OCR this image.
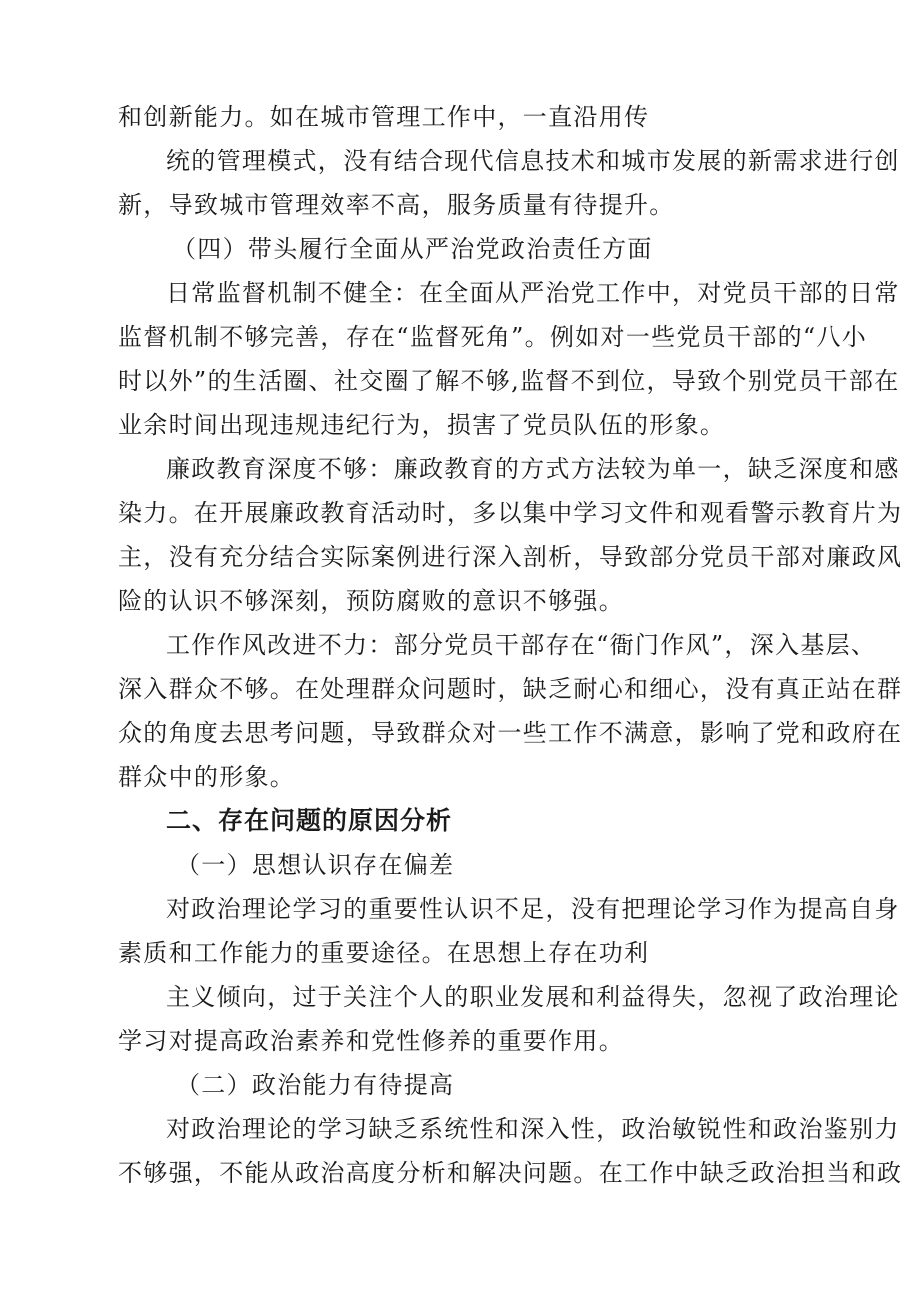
和创新能力。如在城市管理工作中，一直沿用传
统的管理模式，没有结合现代信息技术和城市发展的新需求进行创
新，导致城市管理效率不高，服务质量有待提升。
（四）带头履行全面从严治党政治责任方面
日常监督机制不健全：在全面从严治党工作中，对党员干部的日常
监督机制不够完善，存在“监督死角”。例如对一些党员干部的“八小
时以外”的生活圈、社交圈了解不够,监督不到位，导致个别党员干部在
业余时间出现违规违纪行为，损害了党员队伍的形象。
廉政教育深度不够：廉政教育的方式方法较为单一，缺乏深度和感
染力。在开展廉政教育活动时，多以集中学习文件和观看警示教育片为
主，没有充分结合实际案例进行深入剖析，导致部分党员干部对廉政风
险的认识不够深刻，预防腐败的意识不够强。
工作作风改进不力：部分党员干部存在“衙门作风”，深入基层、
深入群众不够。在处理群众问题时，缺乏耐心和细心，没有真正站在群
众的角度去思考问题，导致群众对一些工作不满意，影响了党和政府在
群众中的形象。
二、存在问题的原因分析
（一）思想认识存在偏差
对政治理论学习的重要性认识不足，没有把理论学习作为提高自身
素质和工作能力的重要途径。在思想上存在功利
主义倾向，过于关注个人的职业发展和利益得失，忽视了政治理论
学习对提高政治素养和党性修养的重要作用。
（二）政治能力有待提高
对政治理论的学习缺乏系统性和深入性，政治敏锐性和政治鉴别力
不够强，不能从政治高度分析和解决问题。在工作中缺乏政治担当和政
